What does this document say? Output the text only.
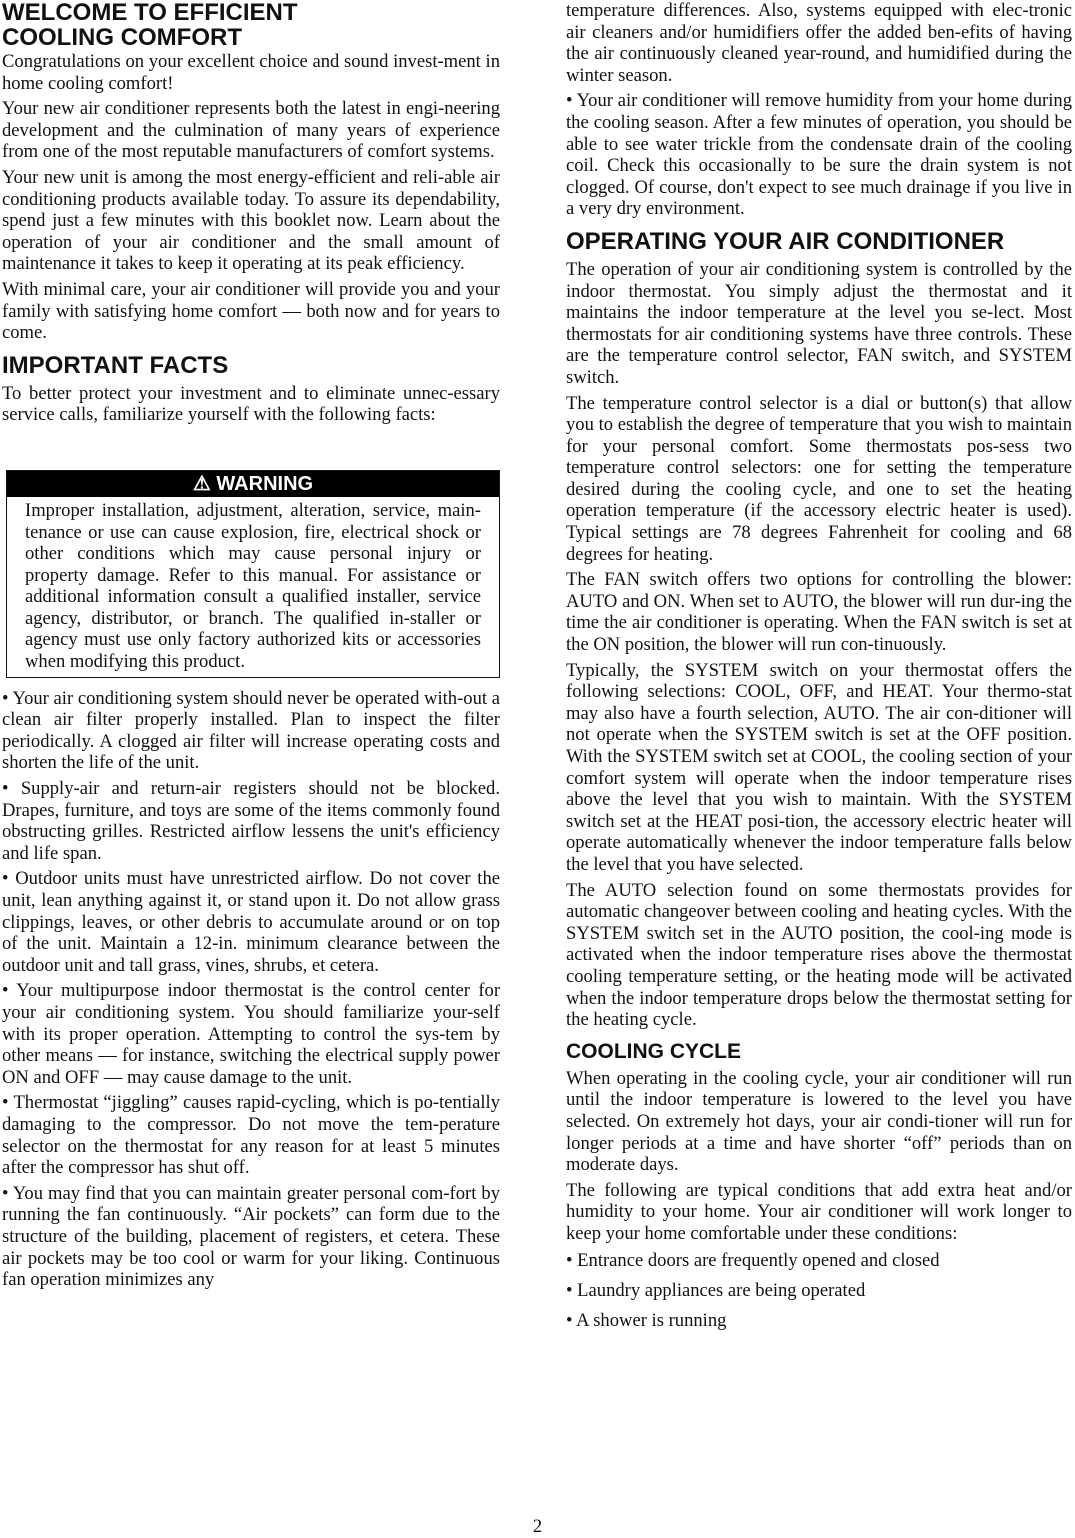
WELCOME TO EFFICIENT
COOLING COMFORT

Congratulations on your excellent choice and sound invest-ment in home cooling comfort!

Your new air conditioner represents both the latest in engi-neering development and the culmination of many years of experience from one of the most reputable manufacturers of comfort systems.

Your new unit is among the most energy-efficient and reli-able air conditioning products available today. To assure its dependability, spend just a few minutes with this booklet now. Learn about the operation of your air conditioner and the small amount of maintenance it takes to keep it operating at its peak efficiency.

With minimal care, your air conditioner will provide you and your family with satisfying home comfort — both now and for years to come.

IMPORTANT FACTS

To better protect your investment and to eliminate unnec-essary service calls, familiarize yourself with the following facts:

⚠ WARNING

Improper installation, adjustment, alteration, service, main-tenance or use can cause explosion, fire, electrical shock or other conditions which may cause personal injury or property damage. Refer to this manual. For assistance or additional information consult a qualified installer, service agency, distributor, or branch. The qualified in-staller or agency must use only factory authorized kits or accessories when modifying this product.

• Your air conditioning system should never be operated with-out a clean air filter properly installed. Plan to inspect the filter periodically. A clogged air filter will increase operating costs and shorten the life of the unit.

• Supply-air and return-air registers should not be blocked. Drapes, furniture, and toys are some of the items commonly found obstructing grilles. Restricted airflow lessens the unit's efficiency and life span.

• Outdoor units must have unrestricted airflow. Do not cover the unit, lean anything against it, or stand upon it. Do not allow grass clippings, leaves, or other debris to accumulate around or on top of the unit. Maintain a 12-in. minimum clearance between the outdoor unit and tall grass, vines, shrubs, et cetera.

• Your multipurpose indoor thermostat is the control center for your air conditioning system. You should familiarize your-self with its proper operation. Attempting to control the sys-tem by other means — for instance, switching the electrical supply power ON and OFF — may cause damage to the unit.

• Thermostat “jiggling” causes rapid-cycling, which is po-tentially damaging to the compressor. Do not move the tem-perature selector on the thermostat for any reason for at least 5 minutes after the compressor has shut off.

• You may find that you can maintain greater personal com-fort by running the fan continuously. “Air pockets” can form due to the structure of the building, placement of registers, et cetera. These air pockets may be too cool or warm for your liking. Continuous fan operation minimizes any

temperature differences. Also, systems equipped with elec-tronic air cleaners and/or humidifiers offer the added ben-efits of having the air continuously cleaned year-round, and humidified during the winter season.

• Your air conditioner will remove humidity from your home during the cooling season. After a few minutes of operation, you should be able to see water trickle from the condensate drain of the cooling coil. Check this occasionally to be sure the drain system is not clogged. Of course, don't expect to see much drainage if you live in a very dry environment.

OPERATING YOUR AIR CONDITIONER

The operation of your air conditioning system is controlled by the indoor thermostat. You simply adjust the thermostat and it maintains the indoor temperature at the level you se-lect. Most thermostats for air conditioning systems have three controls. These are the temperature control selector, FAN switch, and SYSTEM switch.

The temperature control selector is a dial or button(s) that allow you to establish the degree of temperature that you wish to maintain for your personal comfort. Some thermostats pos-sess two temperature control selectors: one for setting the temperature desired during the cooling cycle, and one to set the heating operation temperature (if the accessory electric heater is used). Typical settings are 78 degrees Fahrenheit for cooling and 68 degrees for heating.

The FAN switch offers two options for controlling the blower: AUTO and ON. When set to AUTO, the blower will run dur-ing the time the air conditioner is operating. When the FAN switch is set at the ON position, the blower will run con-tinuously.

Typically, the SYSTEM switch on your thermostat offers the following selections: COOL, OFF, and HEAT. Your thermo-stat may also have a fourth selection, AUTO. The air con-ditioner will not operate when the SYSTEM switch is set at the OFF position. With the SYSTEM switch set at COOL, the cooling section of your comfort system will operate when the indoor temperature rises above the level that you wish to maintain. With the SYSTEM switch set at the HEAT posi-tion, the accessory electric heater will operate automatically whenever the indoor temperature falls below the level that you have selected.

The AUTO selection found on some thermostats provides for automatic changeover between cooling and heating cycles. With the SYSTEM switch set in the AUTO position, the cool-ing mode is activated when the indoor temperature rises above the thermostat cooling temperature setting, or the heating mode will be activated when the indoor temperature drops below the thermostat setting for the heating cycle.

COOLING CYCLE

When operating in the cooling cycle, your air conditioner will run until the indoor temperature is lowered to the level you have selected. On extremely hot days, your air condi-tioner will run for longer periods at a time and have shorter “off” periods than on moderate days.

The following are typical conditions that add extra heat and/or humidity to your home. Your air conditioner will work longer to keep your home comfortable under these conditions:

• Entrance doors are frequently opened and closed

• Laundry appliances are being operated

• A shower is running

2
